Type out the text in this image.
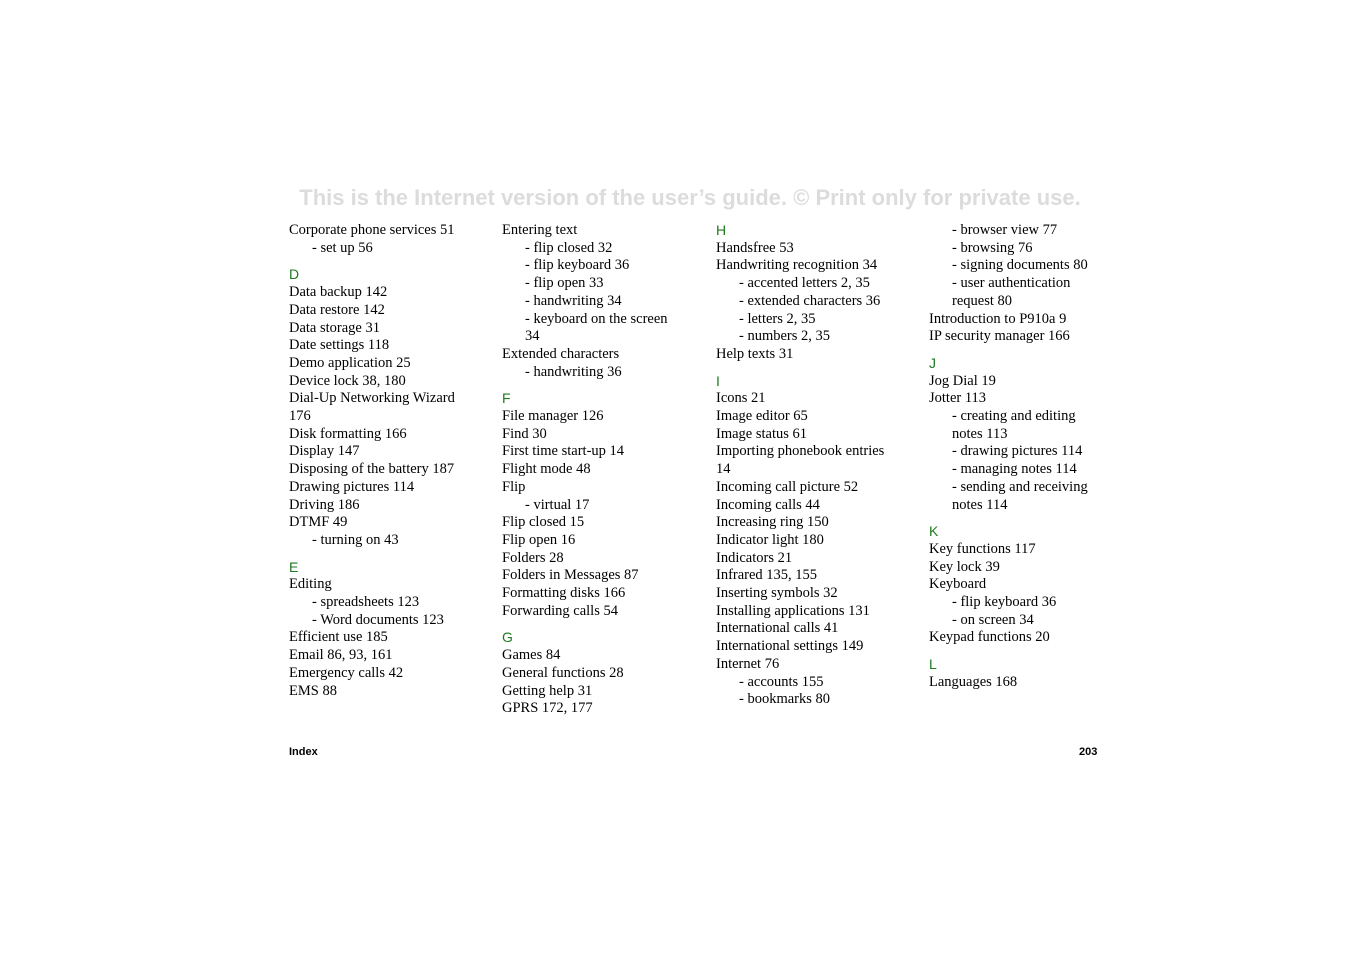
This is the Internet version of the user’s guide. © Print only for private use.
Corporate phone services 51
- set up 56
D
Data backup 142
Data restore 142
Data storage 31
Date settings 118
Demo application 25
Device lock 38, 180
Dial-Up Networking Wizard
176
Disk formatting 166
Display 147
Disposing of the battery 187
Drawing pictures 114
Driving 186
DTMF 49
- turning on 43
E
Editing
- spreadsheets 123
- Word documents 123
Efficient use 185
Email 86, 93, 161
Emergency calls 42
EMS 88
Entering text
- flip closed 32
- flip keyboard 36
- flip open 33
- handwriting 34
- keyboard on the screen
34
Extended characters
- handwriting 36
F
File manager 126
Find 30
First time start-up 14
Flight mode 48
Flip
- virtual 17
Flip closed 15
Flip open 16
Folders 28
Folders in Messages 87
Formatting disks 166
Forwarding calls 54
G
Games 84
General functions 28
Getting help 31
GPRS 172, 177
H
Handsfree 53
Handwriting recognition 34
- accented letters 2, 35
- extended characters 36
- letters 2, 35
- numbers 2, 35
Help texts 31
I
Icons 21
Image editor 65
Image status 61
Importing phonebook entries
14
Incoming call picture 52
Incoming calls 44
Increasing ring 150
Indicator light 180
Indicators 21
Infrared 135, 155
Inserting symbols 32
Installing applications 131
International calls 41
International settings 149
Internet 76
- accounts 155
- bookmarks 80
- browser view 77
- browsing 76
- signing documents 80
- user authentication
request 80
Introduction to P910a 9
IP security manager 166
J
Jog Dial 19
Jotter 113
- creating and editing
notes 113
- drawing pictures 114
- managing notes 114
- sending and receiving
notes 114
K
Key functions 117
Key lock 39
Keyboard
- flip keyboard 36
- on screen 34
Keypad functions 20
L
Languages 168
Index	203
